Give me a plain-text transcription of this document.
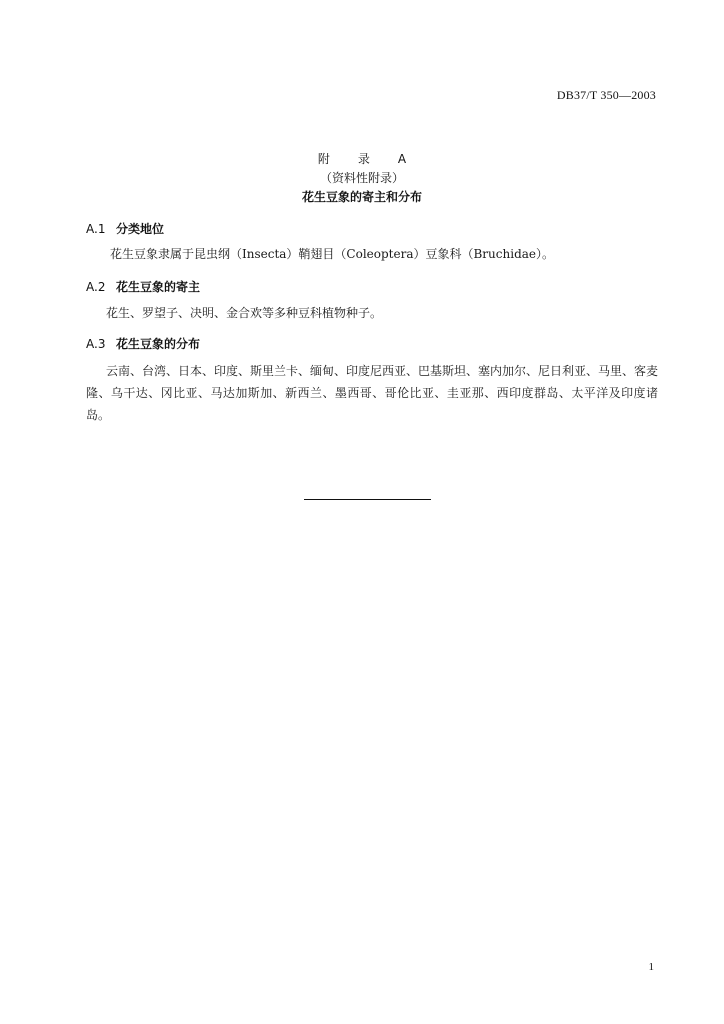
DB37/T 350—2003
附　录　A
（资料性附录）
花生豆象的寄主和分布
A.1 分类地位
花生豆象隶属于昆虫纲（Insecta）鞘翅目（Coleoptera）豆象科（Bruchidae）。
A.2 花生豆象的寄主
花生、罗望子、决明、金合欢等多种豆科植物种子。
A.3 花生豆象的分布
云南、台湾、日本、印度、斯里兰卡、缅甸、印度尼西亚、巴基斯坦、塞内加尔、尼日利亚、马里、客麦隆、乌干达、冈比亚、马达加斯加、新西兰、墨西哥、哥伦比亚、圭亚那、西印度群岛、太平洋及印度诸岛。
1
